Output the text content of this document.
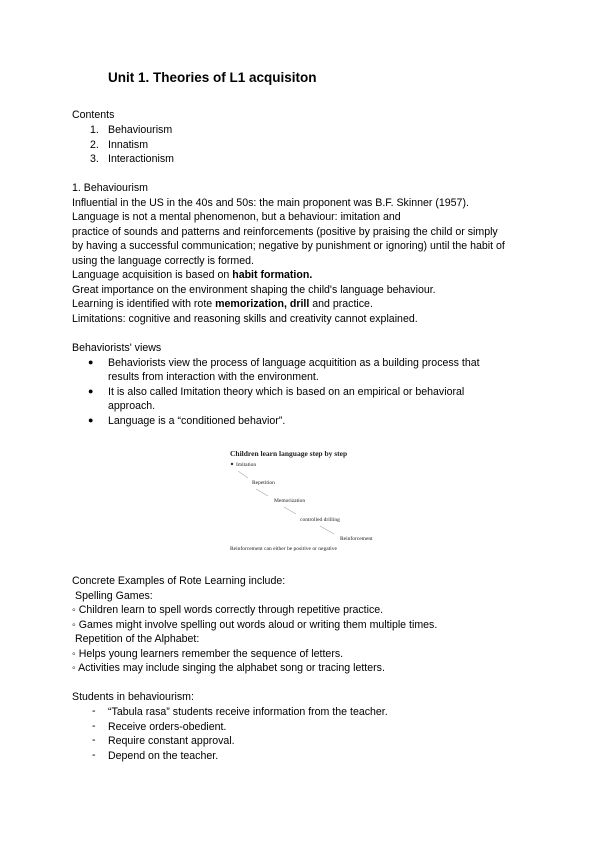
Unit 1. Theories of L1 acquisiton
Contents
1. Behaviourism
2. Innatism
3. Interactionism
1. Behaviourism
Influential in the US in the 40s and 50s: the main proponent was B.F. Skinner (1957).
Language is not a mental phenomenon, but a behaviour: imitation and
practice of sounds and patterns and reinforcements (positive by praising the child or simply
by having a successful communication; negative by punishment or ignoring) until the habit of
using the language correctly is formed.
Language acquisition is based on habit formation.
Great importance on the environment shaping the child's language behaviour.
Learning is identified with rote memorization, drill and practice.
Limitations: cognitive and reasoning skills and creativity cannot explained.
Behaviorists' views
● Behaviorists view the process of language acquitition as a building process that
results from interaction with the environment.
● It is also called Imitation theory which is based on an empirical or behavioral
approach.
● Language is a “conditioned behavior”.
Children learn language step by step
Imitation
Repetition
Memorization
controlled drilling
Reinforcement
Reinforcement can either be positive or negative
Concrete Examples of Rote Learning include:
Spelling Games:
◦ Children learn to spell words correctly through repetitive practice.
◦ Games might involve spelling out words aloud or writing them multiple times.
Repetition of the Alphabet:
◦ Helps young learners remember the sequence of letters.
◦ Activities may include singing the alphabet song or tracing letters.
Students in behaviourism:
- “Tabula rasa” students receive information from the teacher.
- Receive orders-obedient.
- Require constant approval.
- Depend on the teacher.
